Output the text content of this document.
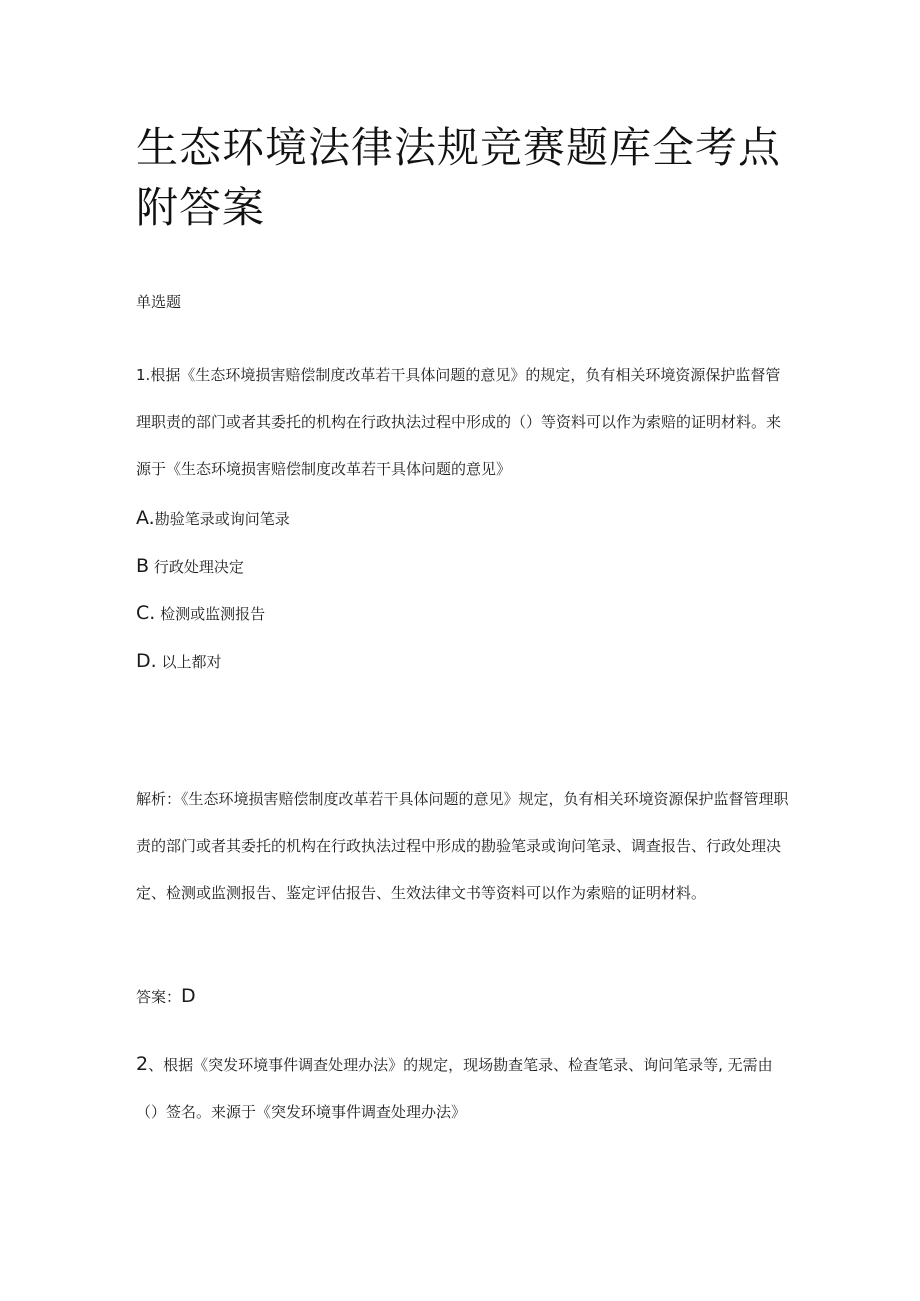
生态环境法律法规竞赛题库全考点附答案
单选题
1.根据《生态环境损害赔偿制度改革若干具体问题的意见》的规定，负有相关环境资源保护监督管理职责的部门或者其委托的机构在行政执法过程中形成的（）等资料可以作为索赔的证明材料。来源于《生态环境损害赔偿制度改革若干具体问题的意见》
A.勘验笔录或询问笔录
B 行政处理决定
C. 检测或监测报告
D. 以上都对
解析：《生态环境损害赔偿制度改革若干具体问题的意见》规定，负有相关环境资源保护监督管理职责的部门或者其委托的机构在行政执法过程中形成的勘验笔录或询问笔录、调查报告、行政处理决定、检测或监测报告、鉴定评估报告、生效法律文书等资料可以作为索赔的证明材料。
答案：D
2、根据《突发环境事件调查处理办法》的规定，现场勘查笔录、检查笔录、询问笔录等, 无需由（）签名。来源于《突发环境事件调查处理办法》
